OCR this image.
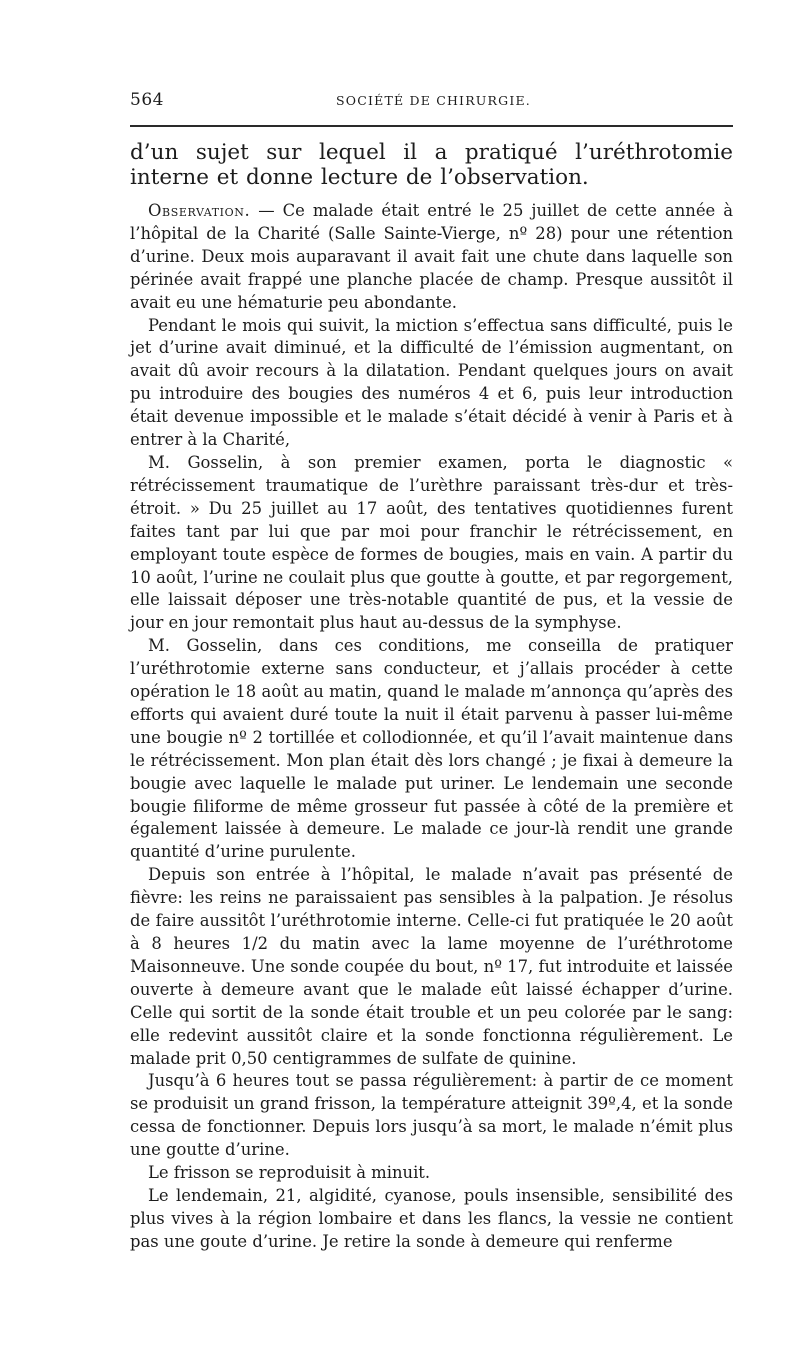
564	SOCIÉTÉ DE CHIRURGIE.

d’un sujet sur lequel il a pratiqué l’uréthrotomie interne et donne lecture de l’observation.

Observation. — Ce malade était entré le 25 juillet de cette année à l’hôpital de la Charité (Salle Sainte-Vierge, nº 28) pour une rétention d’urine. Deux mois auparavant il avait fait une chute dans laquelle son périnée avait frappé une planche placée de champ. Presque aussitôt il avait eu une hématurie peu abondante.

Pendant le mois qui suivit, la miction s’effectua sans difficulté, puis le jet d’urine avait diminué, et la difficulté de l’émission augmentant, on avait dû avoir recours à la dilatation. Pendant quelques jours on avait pu introduire des bougies des numéros 4 et 6, puis leur introduction était devenue impossible et le malade s’était décidé à venir à Paris et à entrer à la Charité,

M. Gosselin, à son premier examen, porta le diagnostic « rétrécissement traumatique de l’urèthre paraissant très-dur et très-étroit. » Du 25 juillet au 17 août, des tentatives quotidiennes furent faites tant par lui que par moi pour franchir le rétrécissement, en employant toute espèce de formes de bougies, mais en vain. A partir du 10 août, l’urine ne coulait plus que goutte à goutte, et par regorgement, elle laissait déposer une très-notable quantité de pus, et la vessie de jour en jour remontait plus haut au-dessus de la symphyse.

M. Gosselin, dans ces conditions, me conseilla de pratiquer l’uréthrotomie externe sans conducteur, et j’allais procéder à cette opération le 18 août au matin, quand le malade m’annonça qu’après des efforts qui avaient duré toute la nuit il était parvenu à passer lui-même une bougie nº 2 tortillée et collodionnée, et qu’il l’avait maintenue dans le rétrécissement. Mon plan était dès lors changé ; je fixai à demeure la bougie avec laquelle le malade put uriner. Le lendemain une seconde bougie filiforme de même grosseur fut passée à côté de la première et également laissée à demeure. Le malade ce jour-là rendit une grande quantité d’urine purulente.

Depuis son entrée à l’hôpital, le malade n’avait pas présenté de fièvre: les reins ne paraissaient pas sensibles à la palpation. Je résolus de faire aussitôt l’uréthrotomie interne. Celle-ci fut pratiquée le 20 août à 8 heures 1/2 du matin avec la lame moyenne de l’uréthrotome Maisonneuve. Une sonde coupée du bout, nº 17, fut introduite et laissée ouverte à demeure avant que le malade eût laissé échapper d’urine. Celle qui sortit de la sonde était trouble et un peu colorée par le sang: elle redevint aussitôt claire et la sonde fonctionna régulièrement. Le malade prit 0,50 centigrammes de sulfate de quinine.

Jusqu’à 6 heures tout se passa régulièrement: à partir de ce moment se produisit un grand frisson, la température atteignit 39º,4, et la sonde cessa de fonctionner. Depuis lors jusqu’à sa mort, le malade n’émit plus une goutte d’urine.

Le frisson se reproduisit à minuit.

Le lendemain, 21, algidité, cyanose, pouls insensible, sensibilité des plus vives à la région lombaire et dans les flancs, la vessie ne contient pas une goute d’urine. Je retire la sonde à demeure qui renferme
